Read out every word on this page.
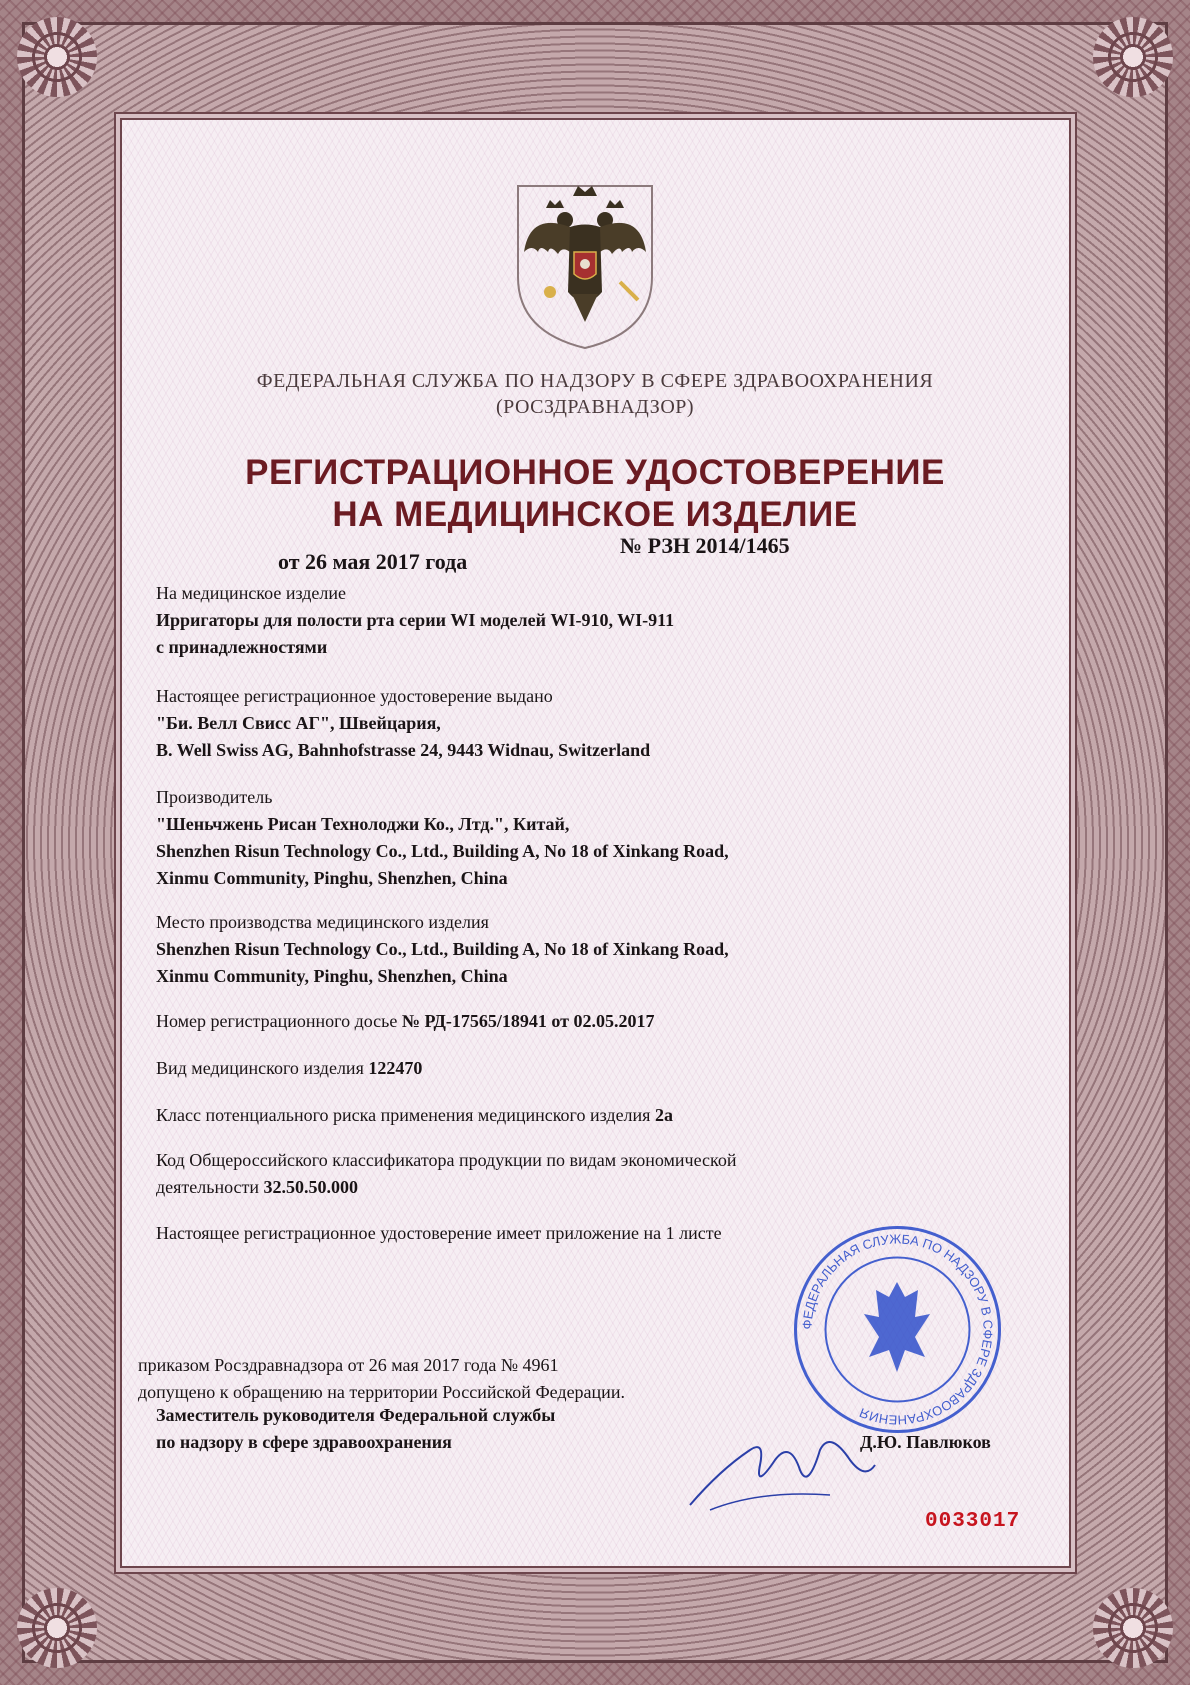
ФЕДЕРАЛЬНАЯ СЛУЖБА ПО НАДЗОРУ В СФЕРЕ ЗДРАВООХРАНЕНИЯ
(РОСЗДРАВНАДЗОР)
РЕГИСТРАЦИОННОЕ УДОСТОВЕРЕНИЕ
НА МЕДИЦИНСКОЕ ИЗДЕЛИЕ
№ РЗН 2014/1465
от 26 мая 2017 года
На медицинское изделие
Ирригаторы для полости рта серии WI моделей WI-910, WI-911
с принадлежностями
Настоящее регистрационное удостоверение выдано
"Би. Велл Свисс АГ", Швейцария,
B. Well Swiss AG, Bahnhofstrasse 24, 9443 Widnau, Switzerland
Производитель
"Шеньчжень Рисан Технолоджи Ко., Лтд.", Китай,
Shenzhen Risun Technology Co., Ltd., Building A, No 18 of Xinkang Road,
Xinmu Community, Pinghu, Shenzhen, China
Место производства медицинского изделия
Shenzhen Risun Technology Co., Ltd., Building A, No 18 of Xinkang Road,
Xinmu Community, Pinghu, Shenzhen, China
Номер регистрационного досье № РД-17565/18941 от 02.05.2017
Вид медицинского изделия 122470
Класс потенциального риска применения медицинского изделия 2а
Код Общероссийского классификатора продукции по видам экономической
деятельности 32.50.50.000
Настоящее регистрационное удостоверение имеет приложение на 1 листе
приказом Росздравнадзора от 26 мая 2017 года № 4961
допущено к обращению на территории Российской Федерации.
Заместитель руководителя Федеральной службы
по надзору в сфере здравоохранения	Д.Ю. Павлюков
ФЕДЕРАЛЬНАЯ СЛУЖБА ПО НАДЗОРУ В СФЕРЕ ЗДРАВООХРАНЕНИЯ
0033017
